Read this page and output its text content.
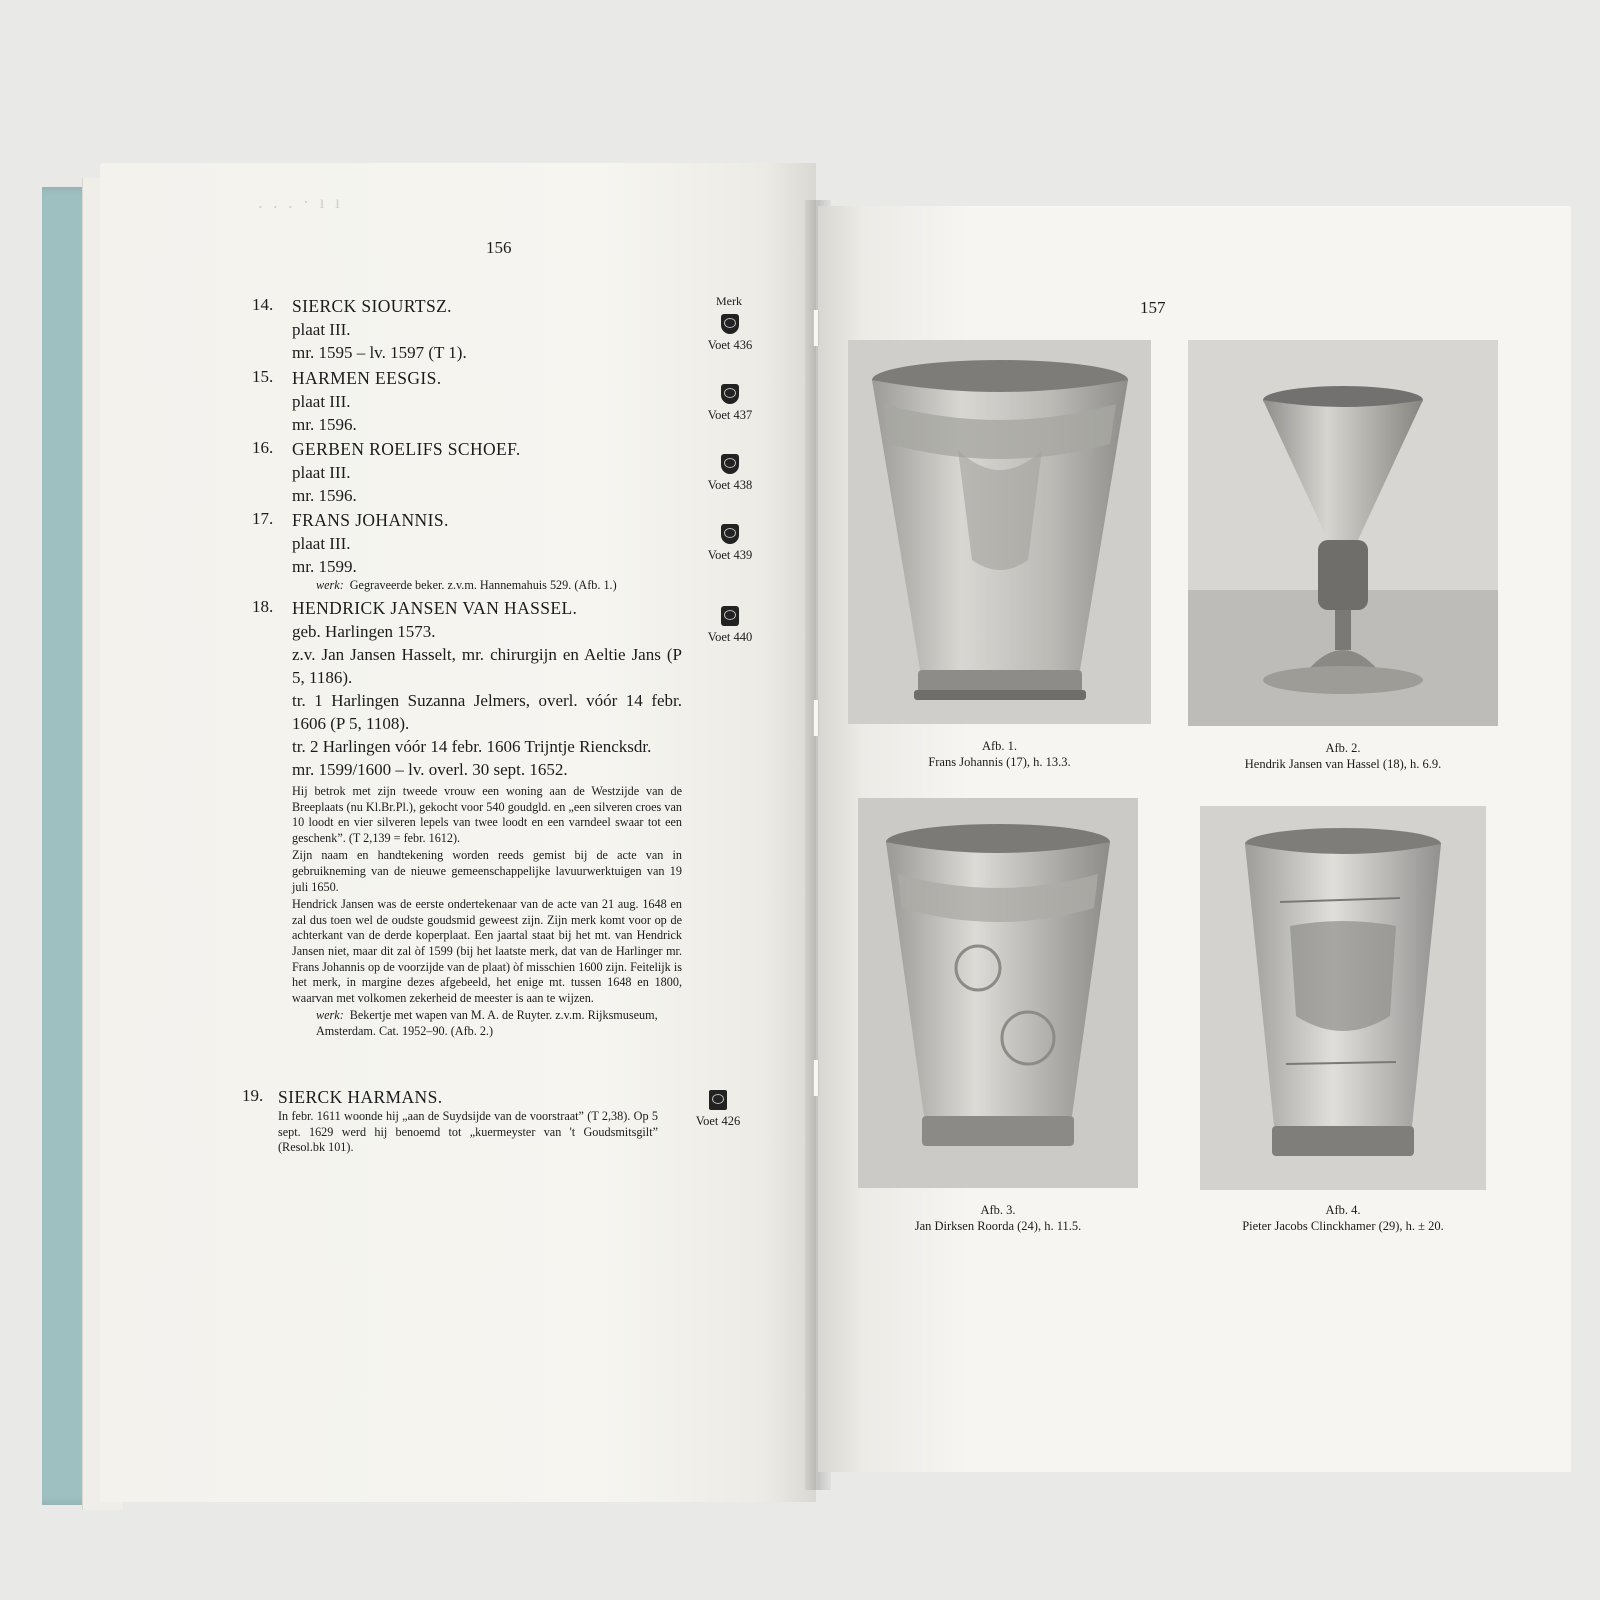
. . . · ı ı
156
Merk
14. SIERCK SIOURTSZ.
plaat III.
mr. 1595 – lv. 1597 (T 1).	Voet 436
15. HARMEN EESGIS.
plaat III.
mr. 1596.	Voet 437
16. GERBEN ROELIFS SCHOEF.
plaat III.
mr. 1596.
Voet 438
17. FRANS JOHANNIS.
plaat III.
mr. 1599.
werk: Gegraveerde beker. z.v.m. Hannemahuis 529. (Afb. 1.)
Voet 439
18. HENDRICK JANSEN VAN HASSEL.
geb. Harlingen 1573.
z.v. Jan Jansen Hasselt, mr. chirurgijn en Aeltie Jans (P 5, 1186).
tr. 1 Harlingen Suzanna Jelmers, overl. vóór 14 febr. 1606 (P 5, 1108).
tr. 2 Harlingen vóór 14 febr. 1606 Trijntje Riencksdr.
mr. 1599/1600 – lv. overl. 30 sept. 1652.
Hij betrok met zijn tweede vrouw een woning aan de Westzijde van de Breeplaats (nu Kl.Br.Pl.), gekocht voor 540 goudgld. en „een silveren croes van 10 loodt en vier silveren lepels van twee loodt en een varndeel swaar tot een geschenk”. (T 2,139 = febr. 1612).
Zijn naam en handtekening worden reeds gemist bij de acte van in gebruikneming van de nieuwe gemeenschappelijke lavuurwerktuigen van 19 juli 1650.
Hendrick Jansen was de eerste ondertekenaar van de acte van 21 aug. 1648 en zal dus toen wel de oudste goudsmid geweest zijn. Zijn merk komt voor op de achterkant van de derde koperplaat. Een jaartal staat bij het mt. van Hendrick Jansen niet, maar dit zal òf 1599 (bij het laatste merk, dat van de Harlinger mr. Frans Johannis op de voorzijde van de plaat) òf misschien 1600 zijn. Feitelijk is het merk, in margine dezes afgebeeld, het enige mt. tussen 1648 en 1800, waarvan met volkomen zekerheid de meester is aan te wijzen.
werk: Bekertje met wapen van M. A. de Ruyter. z.v.m. Rijksmuseum, Amsterdam. Cat. 1952–90. (Afb. 2.)
Voet 440
19. SIERCK HARMANS.
In febr. 1611 woonde hij „aan de Suydsijde van de voorstraat” (T 2,38). Op 5 sept. 1629 werd hij benoemd tot „kuermeyster van 't Goudsmitsgilt” (Resol.bk 101).
Voet 426
157
Afb. 1.
Frans Johannis (17), h. 13.3.
Afb. 2.
Hendrik Jansen van Hassel (18), h. 6.9.
Afb. 3.
Jan Dirksen Roorda (24), h. 11.5.
Afb. 4.
Pieter Jacobs Clinckhamer (29), h. ± 20.
